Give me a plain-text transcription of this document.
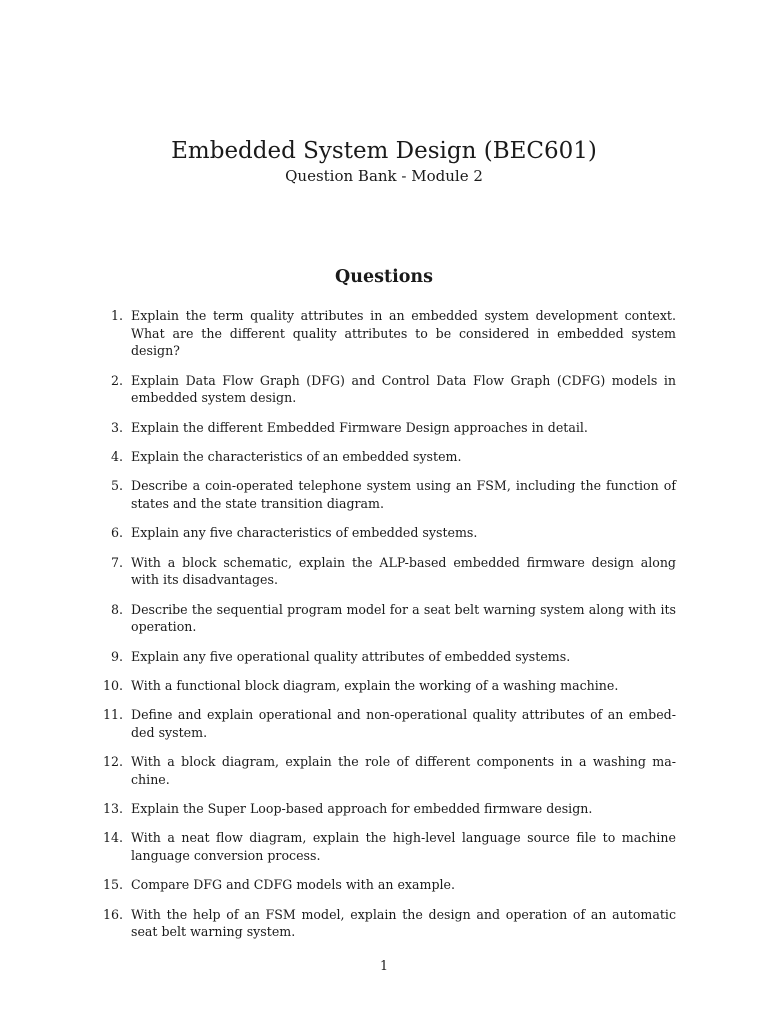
Embedded System Design (BEC601)
Question Bank - Module 2
Questions
1. Explain the term quality attributes in an embedded system development context. What are the different quality attributes to be considered in embedded system design?
2. Explain Data Flow Graph (DFG) and Control Data Flow Graph (CDFG) models in embedded system design.
3. Explain the different Embedded Firmware Design approaches in detail.
4. Explain the characteristics of an embedded system.
5. Describe a coin-operated telephone system using an FSM, including the function of states and the state transition diagram.
6. Explain any five characteristics of embedded systems.
7. With a block schematic, explain the ALP-based embedded firmware design along with its disadvantages.
8. Describe the sequential program model for a seat belt warning system along with its operation.
9. Explain any five operational quality attributes of embedded systems.
10. With a functional block diagram, explain the working of a washing machine.
11. Define and explain operational and non-operational quality attributes of an embed-ded system.
12. With a block diagram, explain the role of different components in a washing ma-chine.
13. Explain the Super Loop-based approach for embedded firmware design.
14. With a neat flow diagram, explain the high-level language source file to machine language conversion process.
15. Compare DFG and CDFG models with an example.
16. With the help of an FSM model, explain the design and operation of an automatic seat belt warning system.
1
